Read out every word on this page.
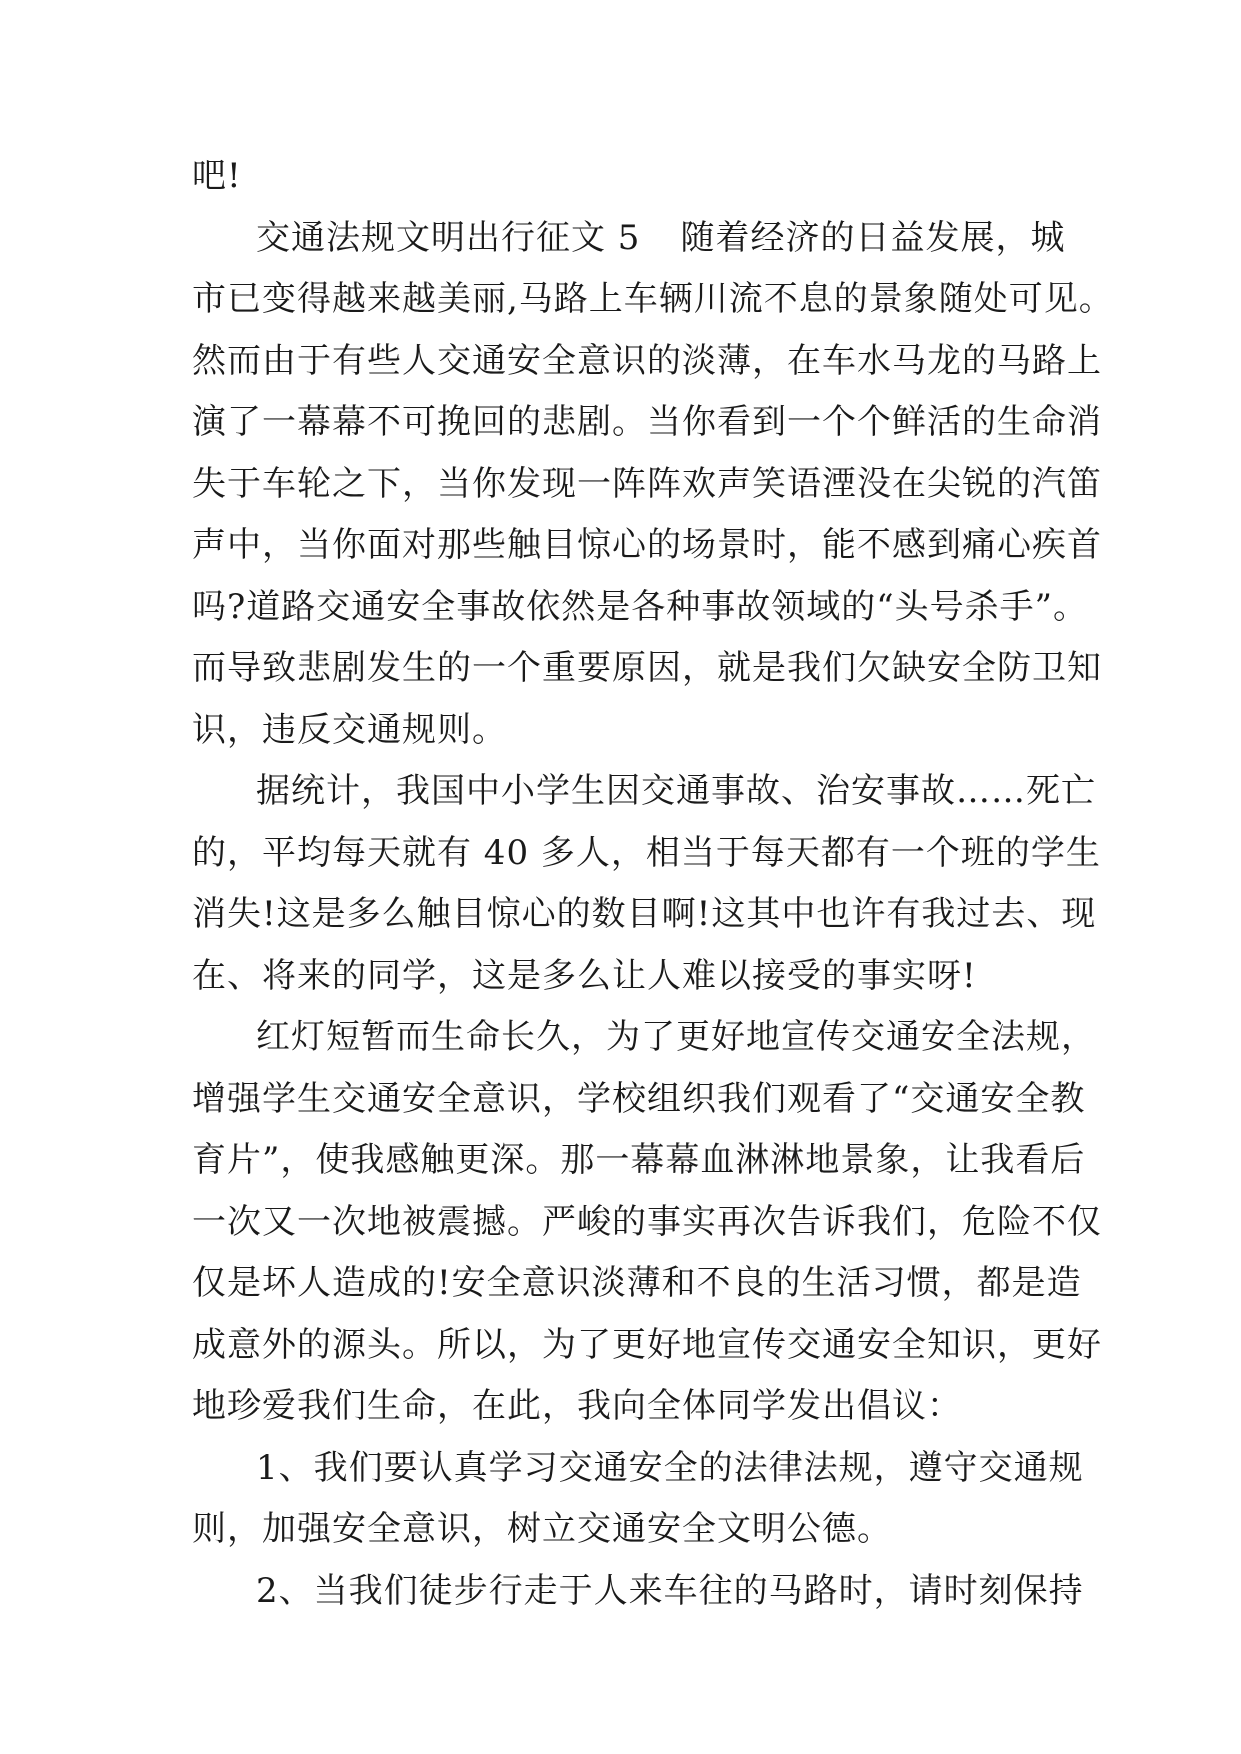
吧!
交通法规文明出行征文 5 随着经济的日益发展，城
市已变得越来越美丽,马路上车辆川流不息的景象随处可见。
然而由于有些人交通安全意识的淡薄，在车水马龙的马路上
演了一幕幕不可挽回的悲剧。当你看到一个个鲜活的生命消
失于车轮之下，当你发现一阵阵欢声笑语湮没在尖锐的汽笛
声中，当你面对那些触目惊心的场景时，能不感到痛心疾首
吗?道路交通安全事故依然是各种事故领域的“头号杀手”。
而导致悲剧发生的一个重要原因，就是我们欠缺安全防卫知
识，违反交通规则。
据统计，我国中小学生因交通事故、治安事故……死亡
的，平均每天就有 40 多人，相当于每天都有一个班的学生
消失!这是多么触目惊心的数目啊!这其中也许有我过去、现
在、将来的同学，这是多么让人难以接受的事实呀!
红灯短暂而生命长久，为了更好地宣传交通安全法规，
增强学生交通安全意识，学校组织我们观看了“交通安全教
育片”，使我感触更深。那一幕幕血淋淋地景象，让我看后
一次又一次地被震撼。严峻的事实再次告诉我们，危险不仅
仅是坏人造成的!安全意识淡薄和不良的生活习惯，都是造
成意外的源头。所以，为了更好地宣传交通安全知识，更好
地珍爱我们生命，在此，我向全体同学发出倡议：
1、我们要认真学习交通安全的法律法规，遵守交通规
则，加强安全意识，树立交通安全文明公德。
2、当我们徒步行走于人来车往的马路时，请时刻保持
